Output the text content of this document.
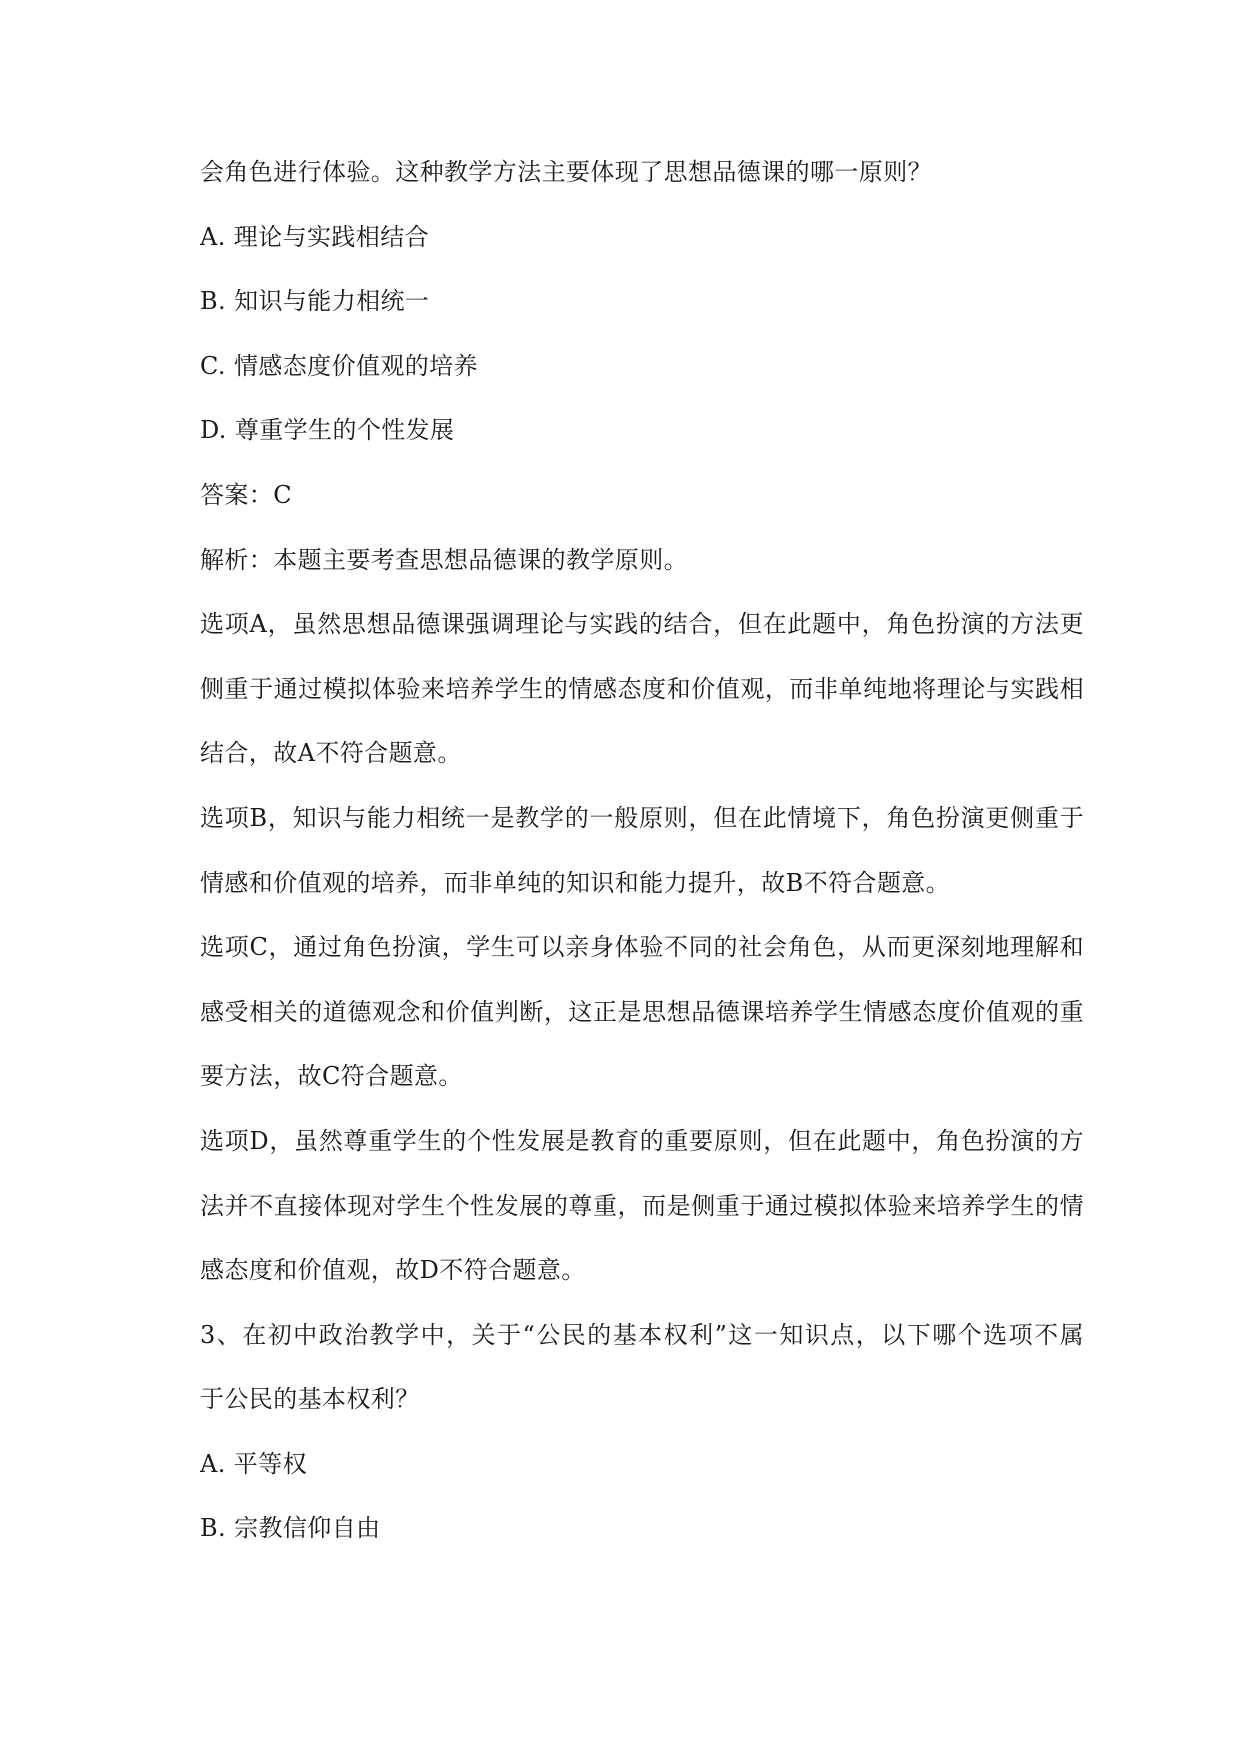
会角色进行体验。这种教学方法主要体现了思想品德课的哪一原则？
A. 理论与实践相结合
B. 知识与能力相统一
C. 情感态度价值观的培养
D. 尊重学生的个性发展
答案：C
解析：本题主要考查思想品德课的教学原则。
选项A，虽然思想品德课强调理论与实践的结合，但在此题中，角色扮演的方法更
侧重于通过模拟体验来培养学生的情感态度和价值观，而非单纯地将理论与实践相
结合，故A不符合题意。
选项B，知识与能力相统一是教学的一般原则，但在此情境下，角色扮演更侧重于
情感和价值观的培养，而非单纯的知识和能力提升，故B不符合题意。
选项C，通过角色扮演，学生可以亲身体验不同的社会角色，从而更深刻地理解和
感受相关的道德观念和价值判断，这正是思想品德课培养学生情感态度价值观的重
要方法，故C符合题意。
选项D，虽然尊重学生的个性发展是教育的重要原则，但在此题中，角色扮演的方
法并不直接体现对学生个性发展的尊重，而是侧重于通过模拟体验来培养学生的情
感态度和价值观，故D不符合题意。
3、在初中政治教学中，关于“公民的基本权利”这一知识点，以下哪个选项不属
于公民的基本权利？
A. 平等权
B. 宗教信仰自由
